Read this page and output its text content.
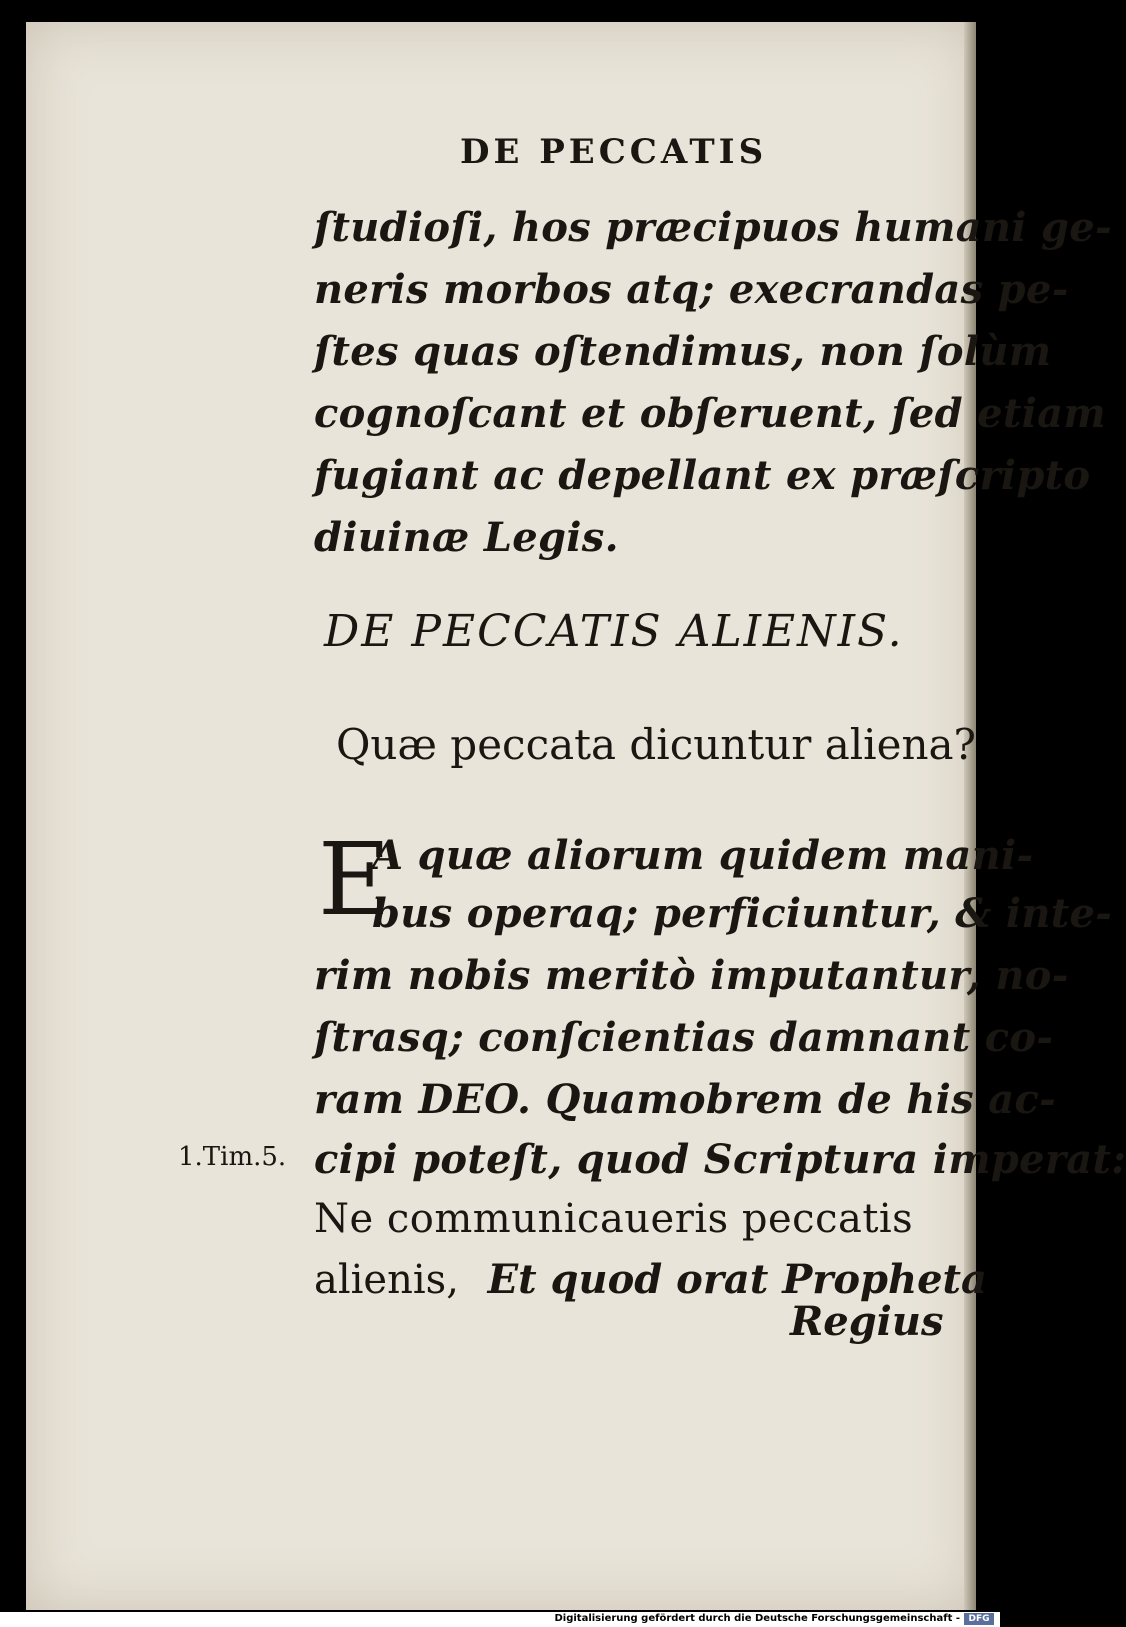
DE PECCATIS
ſtudioſi, hos præcipuos humani ge-
neris morbos atq; execrandas pe-
ſtes quas oſtendimus, non ſolùm
cognoſcant et obſeruent, ſed etiam
fugiant ac depellant ex præſcripto
diuinæ Legis.
DE PECCATIS ALIENIS.
Quæ peccata dicuntur aliena?
E
A quæ aliorum quidem mani-
bus operaq; perficiuntur, & inte-
rim nobis meritò imputantur, no-
ſtrasq; conſcientias damnant co-
ram DEO. Quamobrem de his ac-
cipi poteſt, quod Scriptura imperat:
1.Tim.5.
Ne communicaueris peccatis
alienis, Et quod orat Propheta
Regius
Digitalisierung gefördert durch die Deutsche Forschungsgemeinschaft - DFG
